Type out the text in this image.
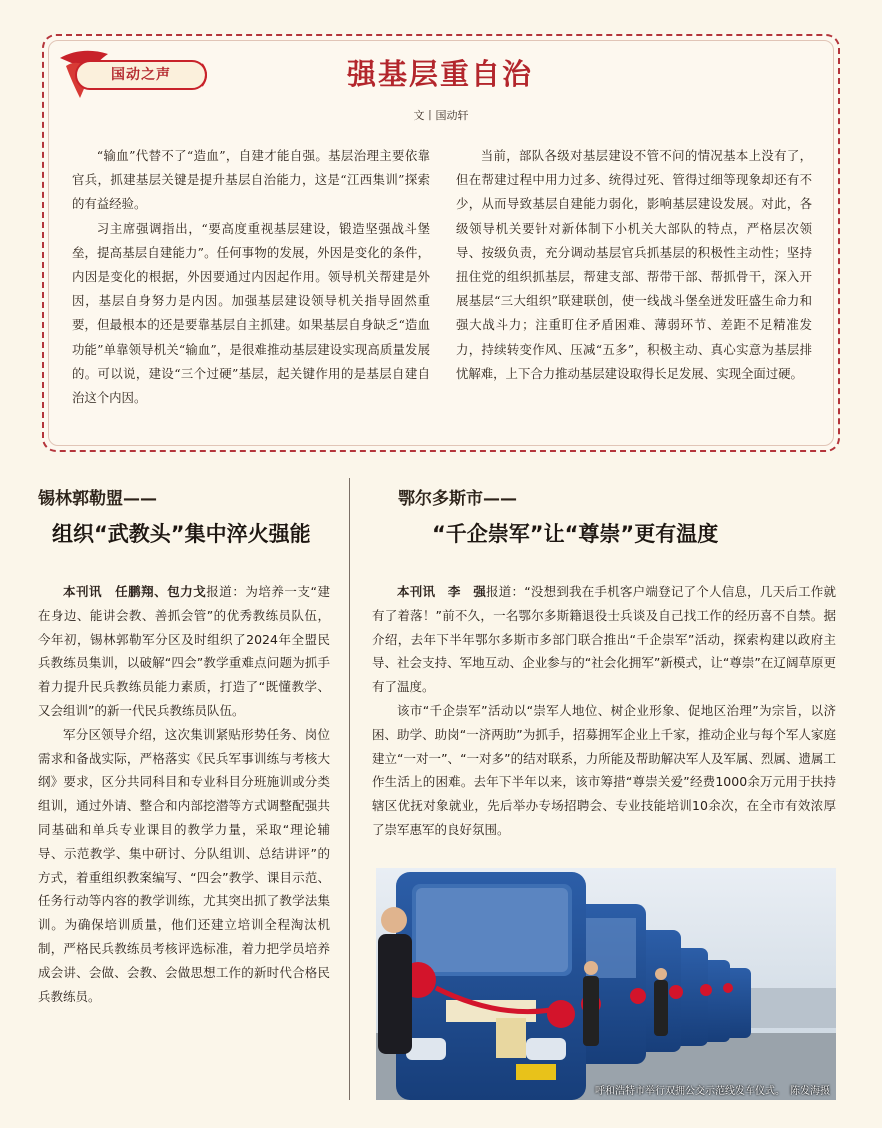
国动之声	强基层重自治
文丨国动轩

“输血”代替不了“造血”，自建才能自强。基层治理主要依靠官兵，抓建基层关键是提升基层自治能力，这是“江西集训”探索的有益经验。

习主席强调指出，“要高度重视基层建设，锻造坚强战斗堡垒，提高基层自建能力”。任何事物的发展，外因是变化的条件，内因是变化的根据，外因要通过内因起作用。领导机关帮建是外因，基层自身努力是内因。加强基层建设领导机关指导固然重要，但最根本的还是要靠基层自主抓建。如果基层自身缺乏“造血功能”单靠领导机关“输血”，是很难推动基层建设实现高质量发展的。可以说，建设“三个过硬”基层，起关键作用的是基层自建自治这个内因。

当前，部队各级对基层建设不管不问的情况基本上没有了，但在帮建过程中用力过多、统得过死、管得过细等现象却还有不少，从而导致基层自建能力弱化，影响基层建设发展。对此，各级领导机关要针对新体制下小机关大部队的特点，严格层次领导、按级负责，充分调动基层官兵抓基层的积极性主动性；坚持扭住党的组织抓基层，帮建支部、帮带干部、帮抓骨干，深入开展基层“三大组织”联建联创，使一线战斗堡垒迸发旺盛生命力和强大战斗力；注重盯住矛盾困难、薄弱环节、差距不足精准发力，持续转变作风、压减“五多”，积极主动、真心实意为基层排忧解难，上下合力推动基层建设取得长足发展、实现全面过硬。

锡林郭勒盟——
组织“武教头”集中淬火强能

本刊讯　任鹏翔、包力戈报道：为培养一支“建在身边、能讲会教、善抓会管”的优秀教练员队伍，今年初，锡林郭勒军分区及时组织了2024年全盟民兵教练员集训，以破解“四会”教学重难点问题为抓手着力提升民兵教练员能力素质，打造了“既懂教学、又会组训”的新一代民兵教练员队伍。

军分区领导介绍，这次集训紧贴形势任务、岗位需求和备战实际，严格落实《民兵军事训练与考核大纲》要求，区分共同科目和专业科目分班施训或分类组训，通过外请、整合和内部挖潜等方式调整配强共同基础和单兵专业课目的教学力量，采取“理论辅导、示范教学、集中研讨、分队组训、总结讲评”的方式，着重组织教案编写、“四会”教学、课目示范、任务行动等内容的教学训练，尤其突出抓了教学法集训。为确保培训质量，他们还建立培训全程淘汰机制，严格民兵教练员考核评选标准，着力把学员培养成会讲、会做、会教、会做思想工作的新时代合格民兵教练员。

鄂尔多斯市——
“千企崇军”让“尊崇”更有温度

本刊讯　李　强报道：“没想到我在手机客户端登记了个人信息，几天后工作就有了着落！”前不久，一名鄂尔多斯籍退役士兵谈及自己找工作的经历喜不自禁。据介绍，去年下半年鄂尔多斯市多部门联合推出“千企崇军”活动，探索构建以政府主导、社会支持、军地互动、企业参与的“社会化拥军”新模式，让“尊崇”在辽阔草原更有了温度。

该市“千企崇军”活动以“崇军人地位、树企业形象、促地区治理”为宗旨，以济困、助学、助岗“一济两助”为抓手，招募拥军企业上千家，推动企业与每个军人家庭建立“一对一”、“一对多”的结对联系，力所能及帮助解决军人及军属、烈属、遗属工作生活上的困难。去年下半年以来，该市筹措“尊崇关爱”经费1000余万元用于扶持辖区优抚对象就业，先后举办专场招聘会、专业技能培训10余次，在全市有效浓厚了崇军惠军的良好氛围。

呼和浩特市举行双拥公交示范线发车仪式。　陈发海摄
